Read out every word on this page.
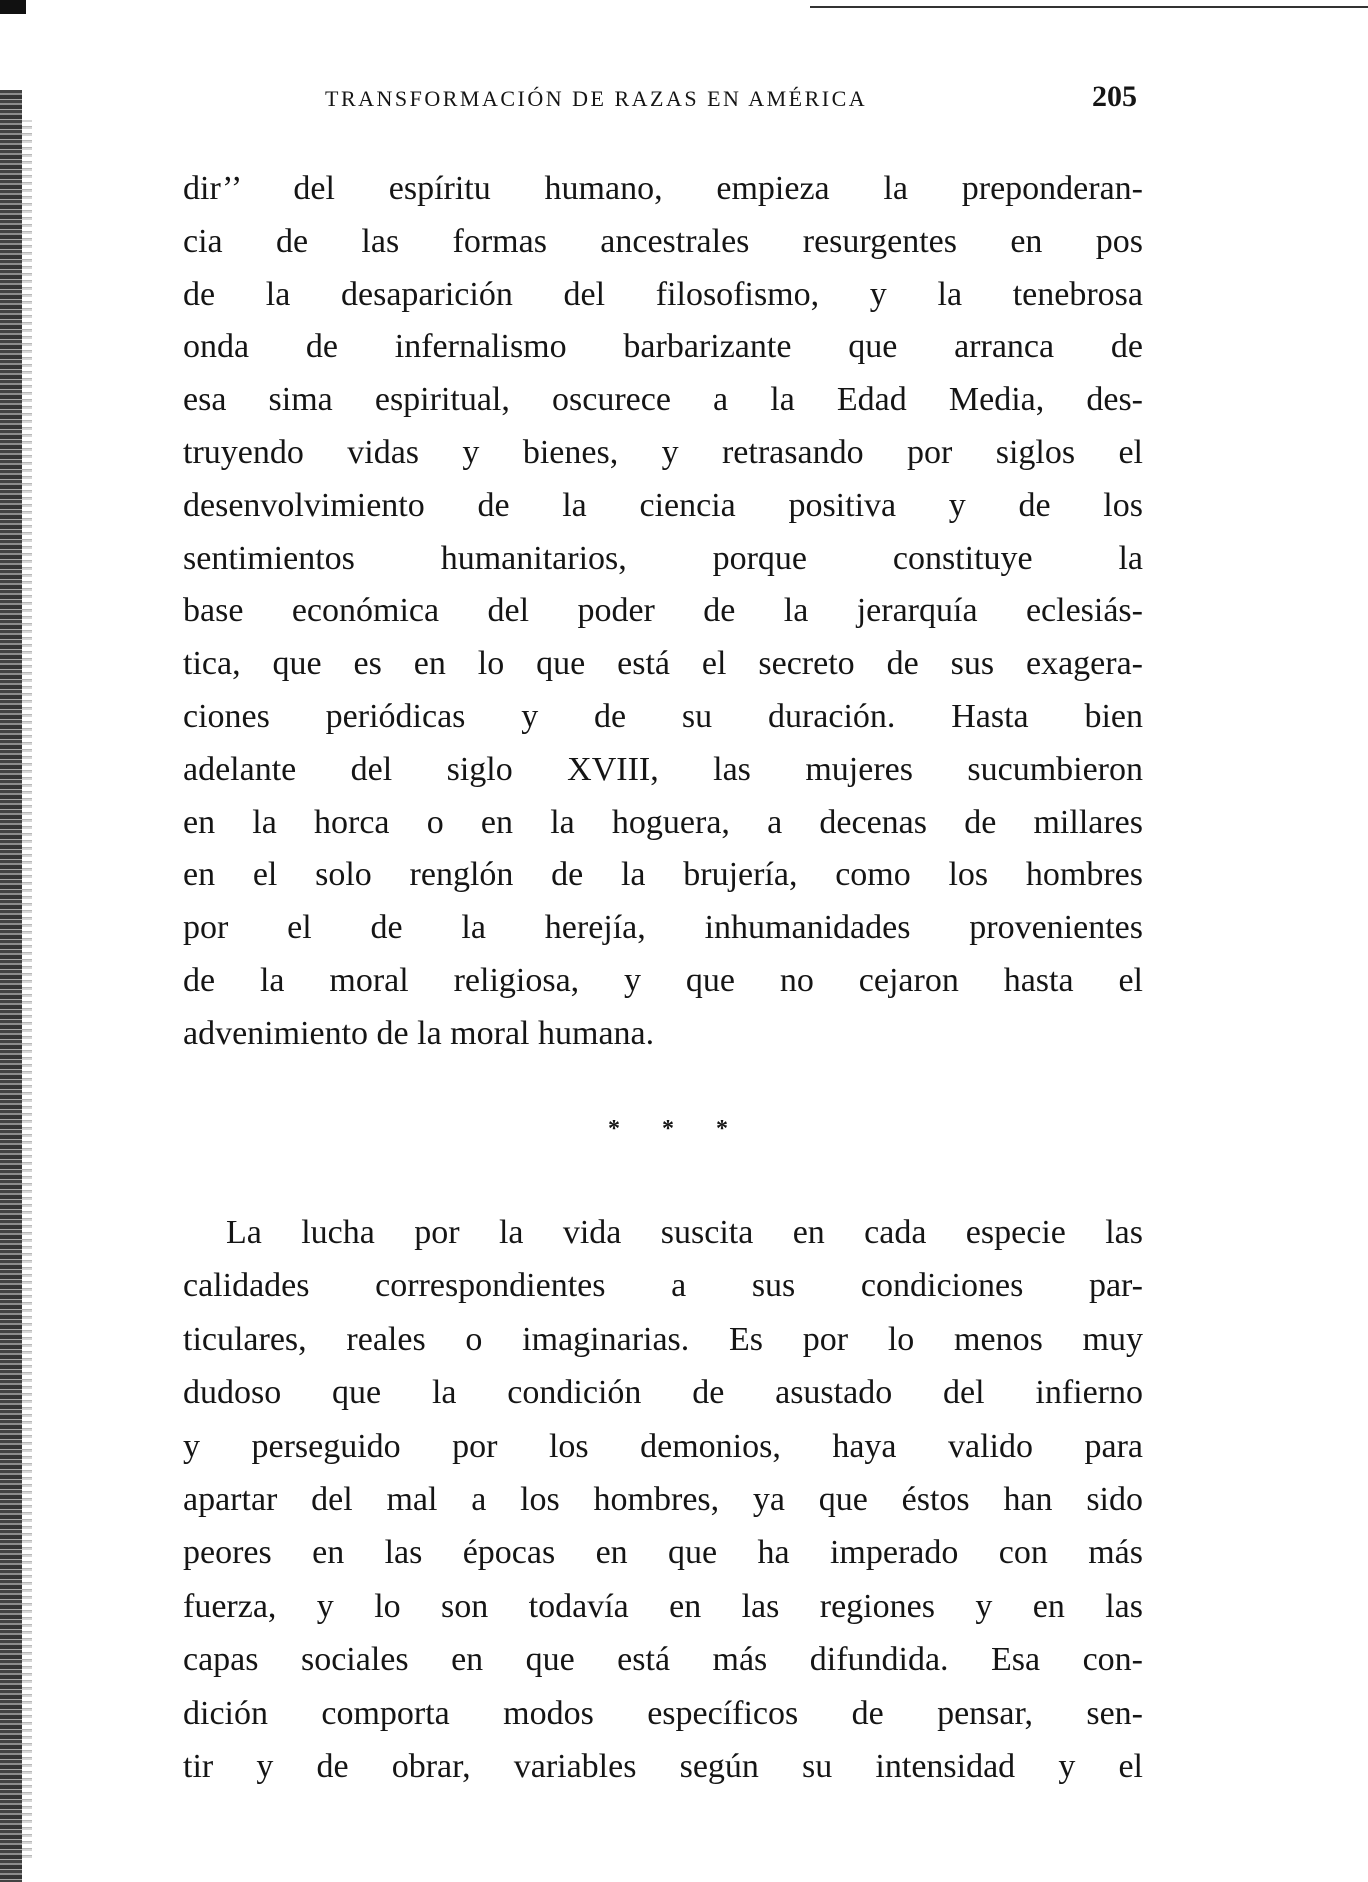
TRANSFORMACIÓN DE RAZAS EN AMÉRICA	205
dir’’ del espíritu humano, empieza la preponderan-
cia de las formas ancestrales resurgentes en pos
de la desaparición del filosofismo, y la tenebrosa
onda de infernalismo barbarizante que arranca de
esa sima espiritual, oscurece a la Edad Media, des-
truyendo vidas y bienes, y retrasando por siglos el
desenvolvimiento de la ciencia positiva y de los
sentimientos humanitarios, porque constituye la
base económica del poder de la jerarquía eclesiás-
tica, que es en lo que está el secreto de sus exagera-
ciones periódicas y de su duración. Hasta bien
adelante del siglo XVIII, las mujeres sucumbieron
en la horca o en la hoguera, a decenas de millares
en el solo renglón de la brujería, como los hombres
por el de la herejía, inhumanidades provenientes
de la moral religiosa, y que no cejaron hasta el
advenimiento de la moral humana.
* * *
La lucha por la vida suscita en cada especie las
calidades correspondientes a sus condiciones par-
ticulares, reales o imaginarias. Es por lo menos muy
dudoso que la condición de asustado del infierno
y perseguido por los demonios, haya valido para
apartar del mal a los hombres, ya que éstos han sido
peores en las épocas en que ha imperado con más
fuerza, y lo son todavía en las regiones y en las
capas sociales en que está más difundida. Esa con-
dición comporta modos específicos de pensar, sen-
tir y de obrar, variables según su intensidad y el
